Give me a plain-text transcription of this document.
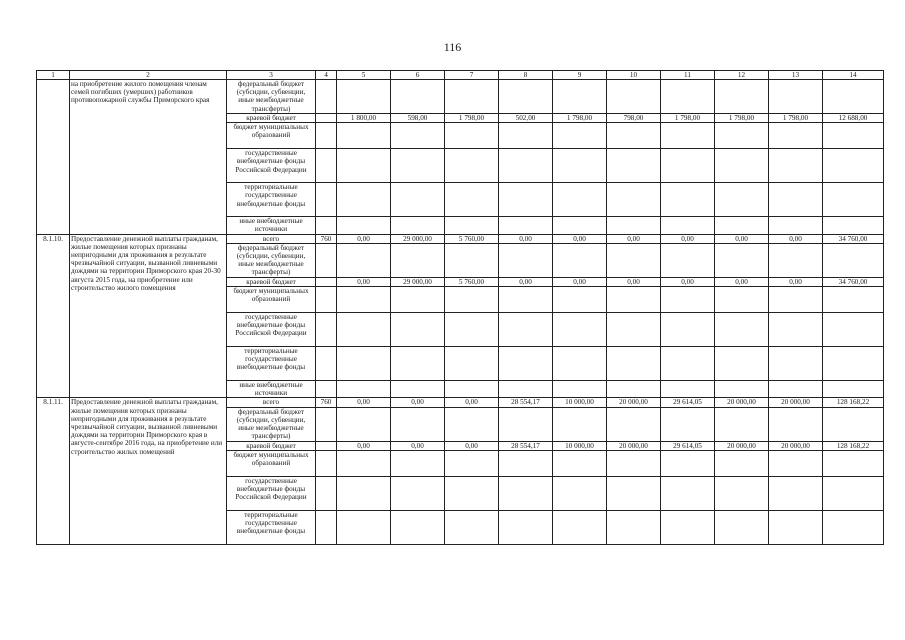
116
1	2	3	4	5	6	7	8	9	10	11	12	13	14
	на приобретение жилого помещения членам семей погибших (умерших) работников противопожарной службы Приморского края	федеральный бюджет (субсидии, субвенции, иные межбюджетные трансферты)											
		краевой бюджет		1 800,00	598,00	1 798,00	502,00	1 798,00	798,00	1 798,00	1 798,00	1 798,00	12 688,00
		бюджет муниципальных образований											
		государственные внебюджетные фонды Российской Федерации											
		территориальные государственные внебюджетные фонды											
		иные внебюджетные источники											
8.1.10.	Предоставление денежной выплаты гражданам, жилые помещения которых признаны непригодными для проживания в результате чрезвычайной ситуации, вызванной ливневыми дождями на территории Приморского края 20-30 августа 2015 года, на приобретение или строительство жилого помещения	всего	760	0,00	29 000,00	5 760,00	0,00	0,00	0,00	0,00	0,00	0,00	34 760,00
		федеральный бюджет (субсидии, субвенции, иные межбюджетные трансферты)											
		краевой бюджет		0,00	29 000,00	5 760,00	0,00	0,00	0,00	0,00	0,00	0,00	34 760,00
		бюджет муниципальных образований											
		государственные внебюджетные фонды Российской Федерации											
		территориальные государственные внебюджетные фонды											
		иные внебюджетные источники											
8.1.11.	Предоставление денежной выплаты гражданам, жилые помещения которых признаны непригодными для проживания в результате чрезвычайной ситуации, вызванной ливневыми дождями на территории Приморского края в августе-сентябре 2016 года, на приобретение или строительство жилых помещений	всего	760	0,00	0,00	0,00	28 554,17	10 000,00	20 000,00	29 614,05	20 000,00	20 000,00	128 168,22
		федеральный бюджет (субсидии, субвенции, иные межбюджетные трансферты)											
		краевой бюджет		0,00	0,00	0,00	28 554,17	10 000,00	20 000,00	29 614,05	20 000,00	20 000,00	128 168,22
		бюджет муниципальных образований											
		государственные внебюджетные фонды Российской Федерации											
		территориальные государственные внебюджетные фонды											
